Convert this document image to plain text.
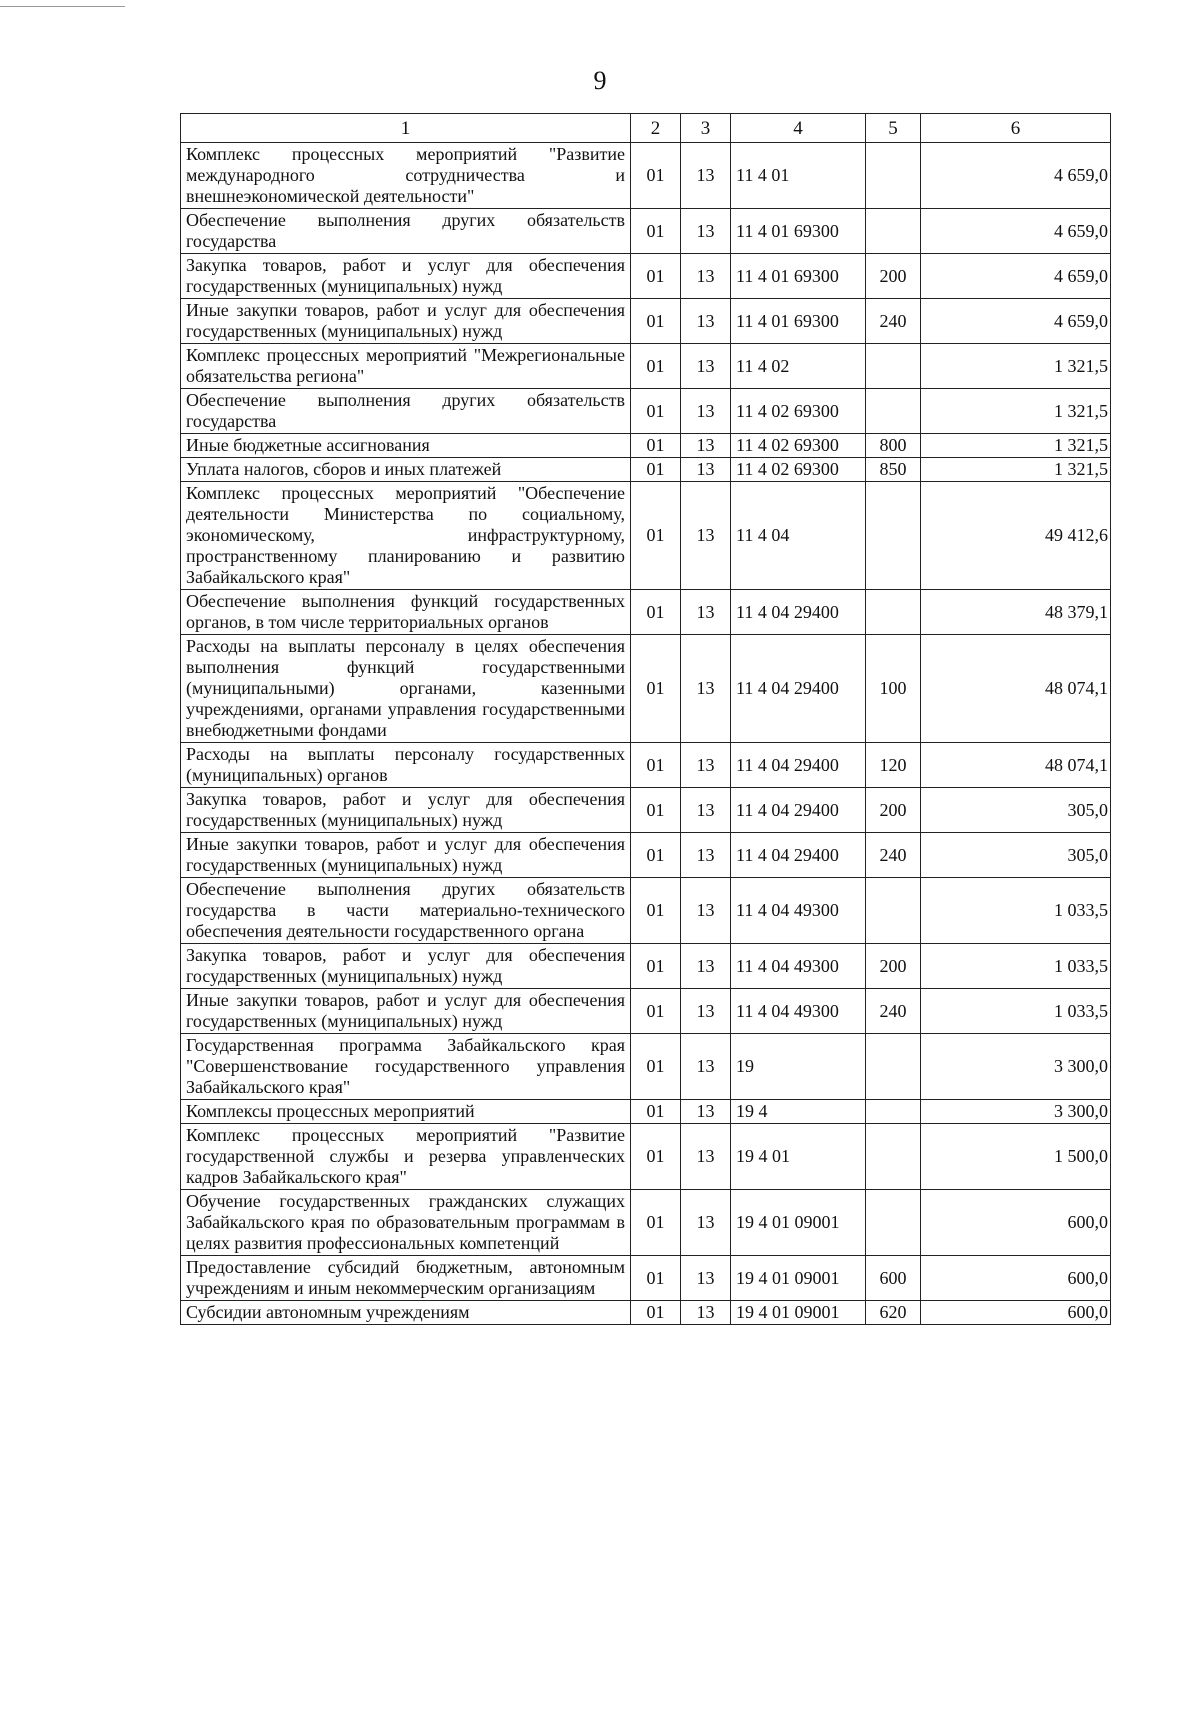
9
1	2	3	4	5	6
Комплекс процессных мероприятий "Развитие международного сотрудничества и внешнеэкономической деятельности"	01	13	11 4 01		4 659,0
Обеспечение выполнения других обязательств государства	01	13	11 4 01 69300		4 659,0
Закупка товаров, работ и услуг для обеспечения государственных (муниципальных) нужд	01	13	11 4 01 69300	200	4 659,0
Иные закупки товаров, работ и услуг для обеспечения государственных (муниципальных) нужд	01	13	11 4 01 69300	240	4 659,0
Комплекс процессных мероприятий "Межрегиональные обязательства региона"	01	13	11 4 02		1 321,5
Обеспечение выполнения других обязательств государства	01	13	11 4 02 69300		1 321,5
Иные бюджетные ассигнования	01	13	11 4 02 69300	800	1 321,5
Уплата налогов, сборов и иных платежей	01	13	11 4 02 69300	850	1 321,5
Комплекс процессных мероприятий "Обеспечение деятельности Министерства по социальному, экономическому, инфраструктурному, пространственному планированию и развитию Забайкальского края"	01	13	11 4 04		49 412,6
Обеспечение выполнения функций государственных органов, в том числе территориальных органов	01	13	11 4 04 29400		48 379,1
Расходы на выплаты персоналу в целях обеспечения выполнения функций государственными (муниципальными) органами, казенными учреждениями, органами управления государственными внебюджетными фондами	01	13	11 4 04 29400	100	48 074,1
Расходы на выплаты персоналу государственных (муниципальных) органов	01	13	11 4 04 29400	120	48 074,1
Закупка товаров, работ и услуг для обеспечения государственных (муниципальных) нужд	01	13	11 4 04 29400	200	305,0
Иные закупки товаров, работ и услуг для обеспечения государственных (муниципальных) нужд	01	13	11 4 04 29400	240	305,0
Обеспечение выполнения других обязательств государства в части материально-технического обеспечения деятельности государственного органа	01	13	11 4 04 49300		1 033,5
Закупка товаров, работ и услуг для обеспечения государственных (муниципальных) нужд	01	13	11 4 04 49300	200	1 033,5
Иные закупки товаров, работ и услуг для обеспечения государственных (муниципальных) нужд	01	13	11 4 04 49300	240	1 033,5
Государственная программа Забайкальского края "Совершенствование государственного управления Забайкальского края"	01	13	19		3 300,0
Комплексы процессных мероприятий	01	13	19 4		3 300,0
Комплекс процессных мероприятий "Развитие государственной службы и резерва управленческих кадров Забайкальского края"	01	13	19 4 01		1 500,0
Обучение государственных гражданских служащих Забайкальского края по образовательным программам в целях развития профессиональных компетенций	01	13	19 4 01 09001		600,0
Предоставление субсидий бюджетным, автономным учреждениям и иным некоммерческим организациям	01	13	19 4 01 09001	600	600,0
Субсидии автономным учреждениям	01	13	19 4 01 09001	620	600,0
